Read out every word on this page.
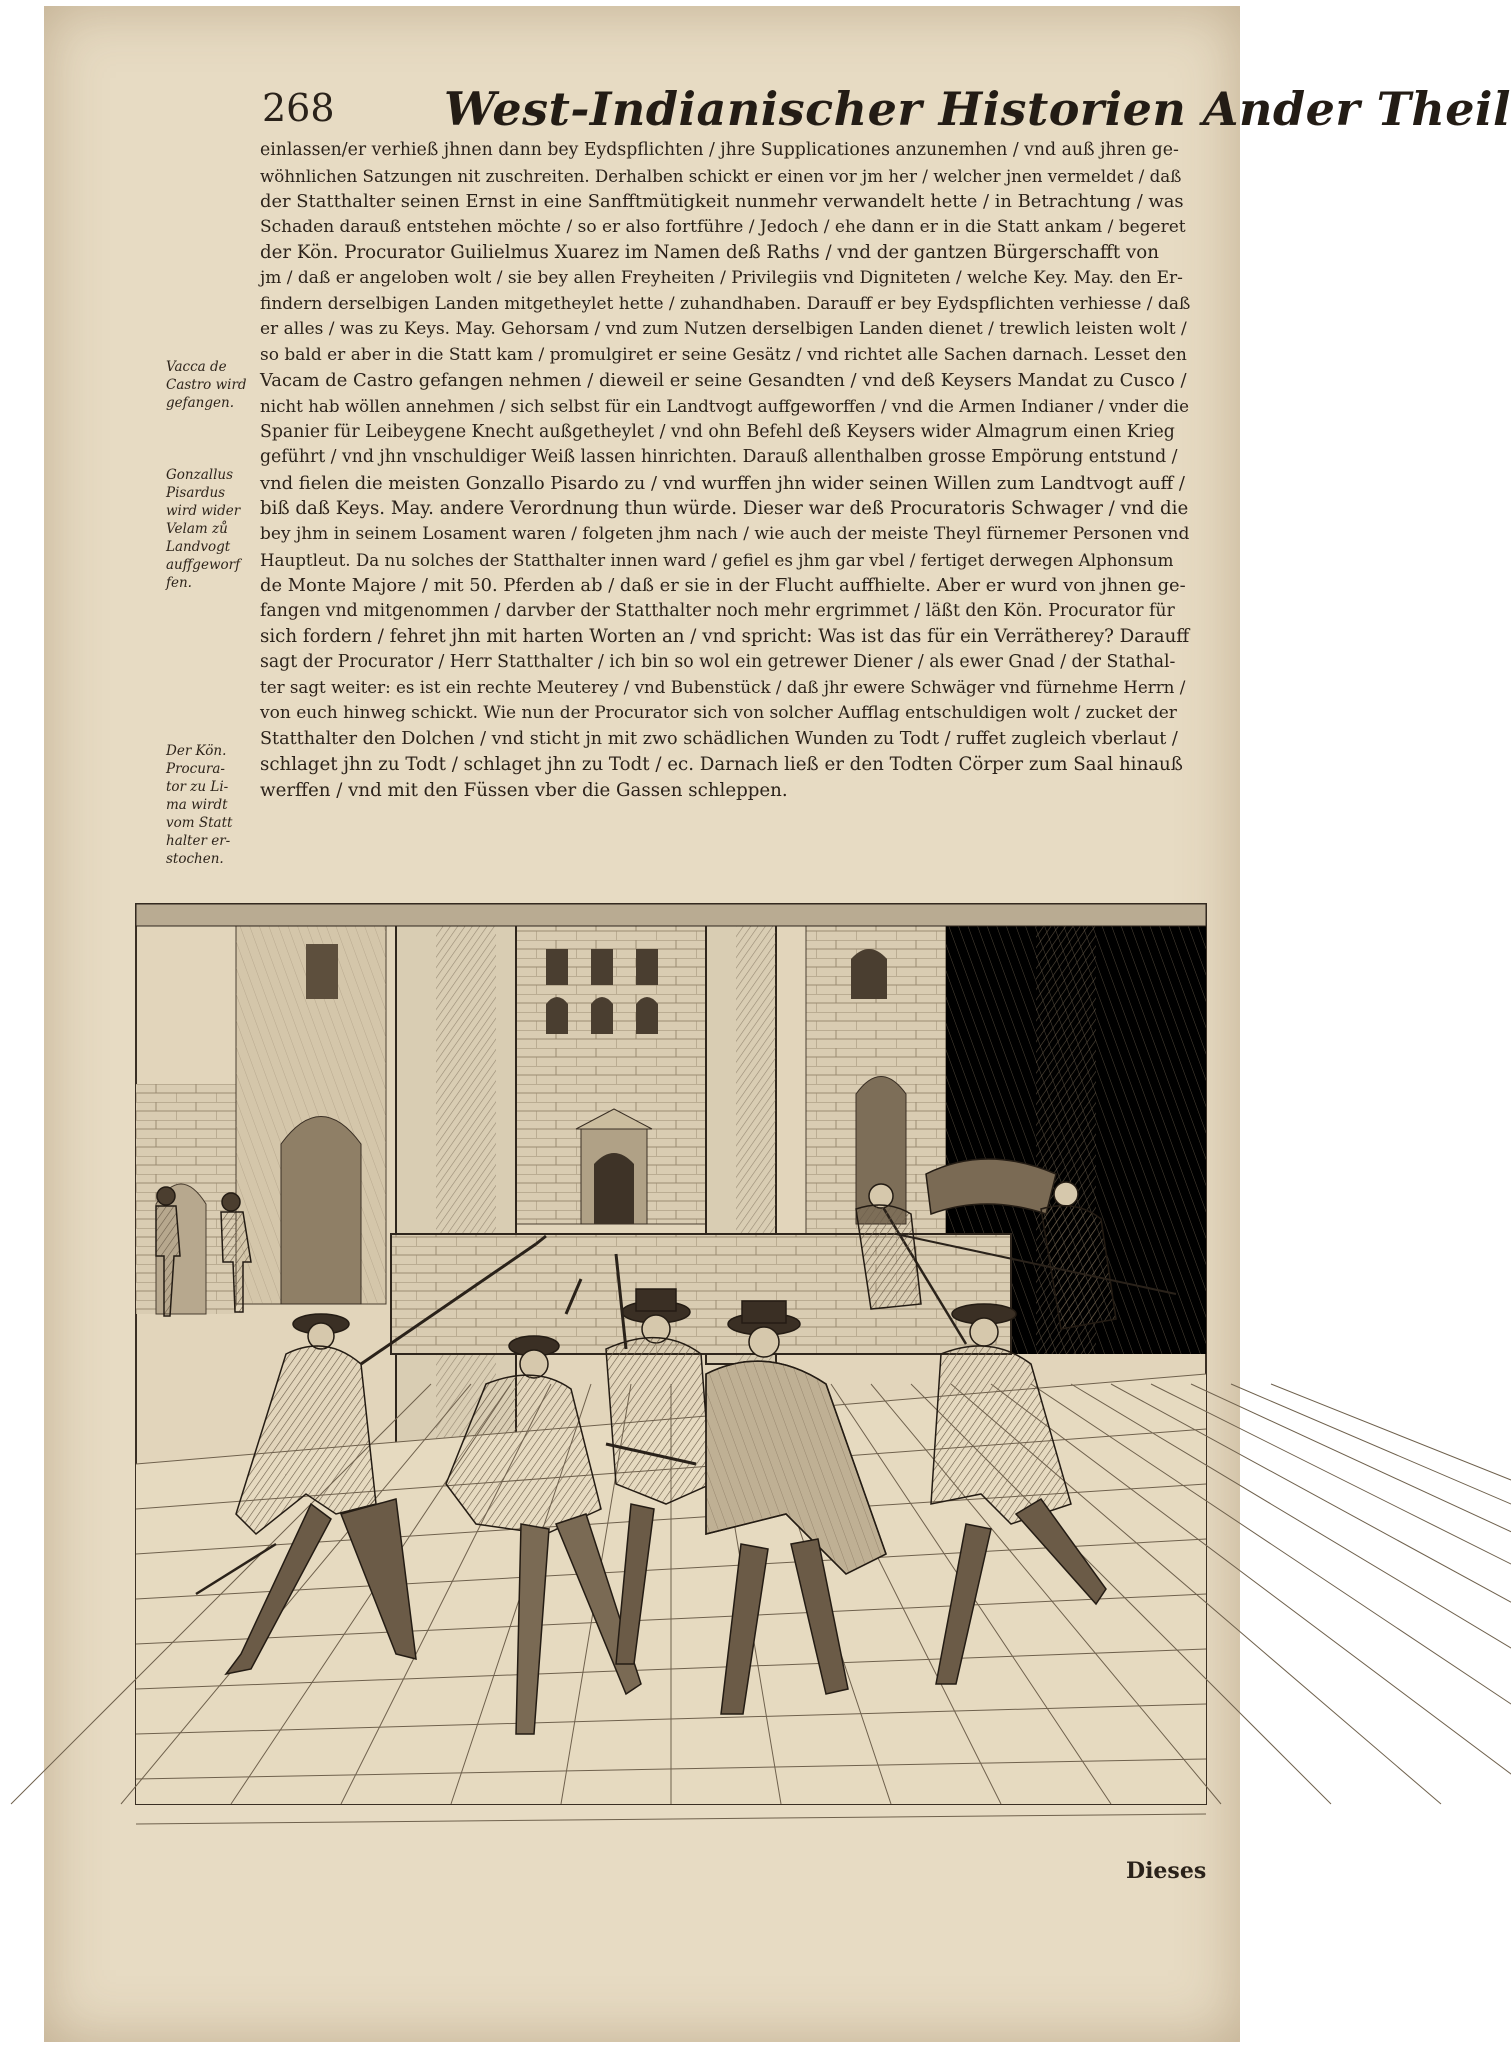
268 West-Indianischer Historien Ander Theil
einlassen/er verhieß jhnen dann bey Eydspflichten / jhre Supplicationes anzunemhen / vnd auß jhren ge-
wöhnlichen Satzungen nit zuschreiten. Derhalben schickt er einen vor jm her / welcher jnen vermeldet / daß
der Statthalter seinen Ernst in eine Sanfftmütigkeit nunmehr verwandelt hette / in Betrachtung / was
Schaden darauß entstehen möchte / so er also fortführe / Jedoch / ehe dann er in die Statt ankam / begeret
der Kön. Procurator Guilielmus Xuarez im Namen deß Raths / vnd der gantzen Bürgerschafft von
jm / daß er angeloben wolt / sie bey allen Freyheiten / Privilegiis vnd Digniteten / welche Key. May. den Er-
findern derselbigen Landen mitgetheylet hette / zuhandhaben. Darauff er bey Eydspflichten verhiesse / daß
er alles / was zu Keys. May. Gehorsam / vnd zum Nutzen derselbigen Landen dienet / trewlich leisten wolt /
so bald er aber in die Statt kam / promulgiret er seine Gesätz / vnd richtet alle Sachen darnach. Lesset den
Vacam de Castro gefangen nehmen / dieweil er seine Gesandten / vnd deß Keysers Mandat zu Cusco /
nicht hab wöllen annehmen / sich selbst für ein Landtvogt auffgeworffen / vnd die Armen Indianer / vnder die
Spanier für Leibeygene Knecht außgetheylet / vnd ohn Befehl deß Keysers wider Almagrum einen Krieg
geführt / vnd jhn vnschuldiger Weiß lassen hinrichten. Darauß allenthalben grosse Empörung entstund /
vnd fielen die meisten Gonzallo Pisardo zu / vnd wurffen jhn wider seinen Willen zum Landtvogt auff /
biß daß Keys. May. andere Verordnung thun würde. Dieser war deß Procuratoris Schwager / vnd die
bey jhm in seinem Losament waren / folgeten jhm nach / wie auch der meiste Theyl fürnemer Personen vnd
Hauptleut. Da nu solches der Statthalter innen ward / gefiel es jhm gar vbel / fertiget derwegen Alphonsum
de Monte Majore / mit 50. Pferden ab / daß er sie in der Flucht auffhielte. Aber er wurd von jhnen ge-
fangen vnd mitgenommen / darvber der Statthalter noch mehr ergrimmet / läßt den Kön. Procurator für
sich fordern / fehret jhn mit harten Worten an / vnd spricht: Was ist das für ein Verrätherey? Darauff
sagt der Procurator / Herr Statthalter / ich bin so wol ein getrewer Diener / als ewer Gnad / der Stathal-
ter sagt weiter: es ist ein rechte Meuterey / vnd Bubenstück / daß jhr ewere Schwäger vnd fürnehme Herrn /
von euch hinweg schickt. Wie nun der Procurator sich von solcher Aufflag entschuldigen wolt / zucket der
Statthalter den Dolchen / vnd sticht jn mit zwo schädlichen Wunden zu Todt / ruffet zugleich vberlaut /
schlaget jhn zu Todt / schlaget jhn zu Todt / ec. Darnach ließ er den Todten Cörper zum Saal hinauß
werffen / vnd mit den Füssen vber die Gassen schleppen.
Vacca de
Castro wird
gefangen.
Gonzallus
Pisardus
wird wider
Velam zů
Landvogt
auffgeworf
fen.
Der Kön.
Procura-
tor zu Li-
ma wirdt
vom Statt
halter er-
stochen.
Dieses
